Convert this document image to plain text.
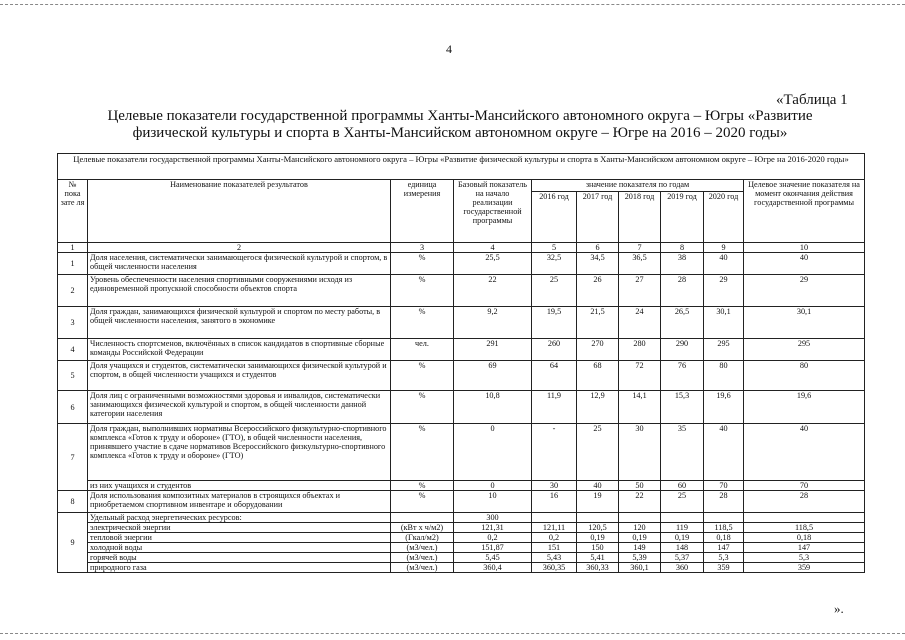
4
«Таблица 1
Целевые показатели государственной программы Ханты-Мансийского автономного округа – Югры «Развитие физической культуры и спорта в Ханты-Мансийском автономном округе – Югре на 2016 – 2020 годы»
Целевые показатели государственной программы Ханты-Мансийского автономного округа – Югры «Развитие физической культуры и спорта в Ханты-Мансийском автономном округе – Югре на 2016-2020 годы»									
№ пока зате ля	Наименование показателей результатов	единица измерения	Базовый показатель на начало реализации государственной программы	значение показателя по годам					Целевое значение показателя на момент окончания действия государственной программы
				2016 год	2017 год	2018 год	2019 год	2020 год	
1	2	3	4	5	6	7	8	9	10
1	Доля населения, систематически занимающегося физической культурой и спортом, в общей численности населения	%	25,5	32,5	34,5	36,5	38	40	40
2	Уровень обеспеченности населения спортивными сооружениями исходя из единовременной пропускной способности объектов спорта	%	22	25	26	27	28	29	29
3	Доля граждан, занимающихся физической культурой и спортом по месту работы, в общей численности населения, занятого в экономике	%	9,2	19,5	21,5	24	26,5	30,1	30,1
4	Численность спортсменов, включённых в список кандидатов в спортивные сборные команды Российской Федерации	чел.	291	260	270	280	290	295	295
5	Доля учащихся и студентов, систематически занимающихся физической культурой и спортом, в общей численности учащихся и студентов	%	69	64	68	72	76	80	80
6	Доля лиц с ограниченными возможностями здоровья и инвалидов, систематически занимающихся физической культурой и спортом, в общей численности данной категории населения	%	10,8	11,9	12,9	14,1	15,3	19,6	19,6
7	Доля граждан, выполнивших нормативы Всероссийского физкультурно-спортивного комплекса «Готов к труду и обороне» (ГТО), в общей численности населения, принявшего участие в сдаче нормативов Всероссийского физкультурно-спортивного комплекса «Готов к труду и обороне» (ГТО)	%	0	-	25	30	35	40	40
	из них учащихся и студентов	%	0	30	40	50	60	70	70
8	Доля использования композитных материалов в строящихся объектах и приобретаемом спортивном инвентаре и оборудовании	%	10	16	19	22	25	28	28
9	Удельный расход энергетических ресурсов:		300						
	электрической энергии	(кВт х ч/м2)	121,31	121,11	120,5	120	119	118,5	118,5
	тепловой энергии	(Гкал/м2)	0,2	0,2	0,19	0,19	0,19	0,18	0,18
	холодной воды	(м3/чел.)	151,87	151	150	149	148	147	147
	горячей воды	(м3/чел.)	5,45	5,43	5,41	5,39	5,37	5,3	5,3
	природного газа	(м3/чел.)	360,4	360,35	360,33	360,1	360	359	359
».
